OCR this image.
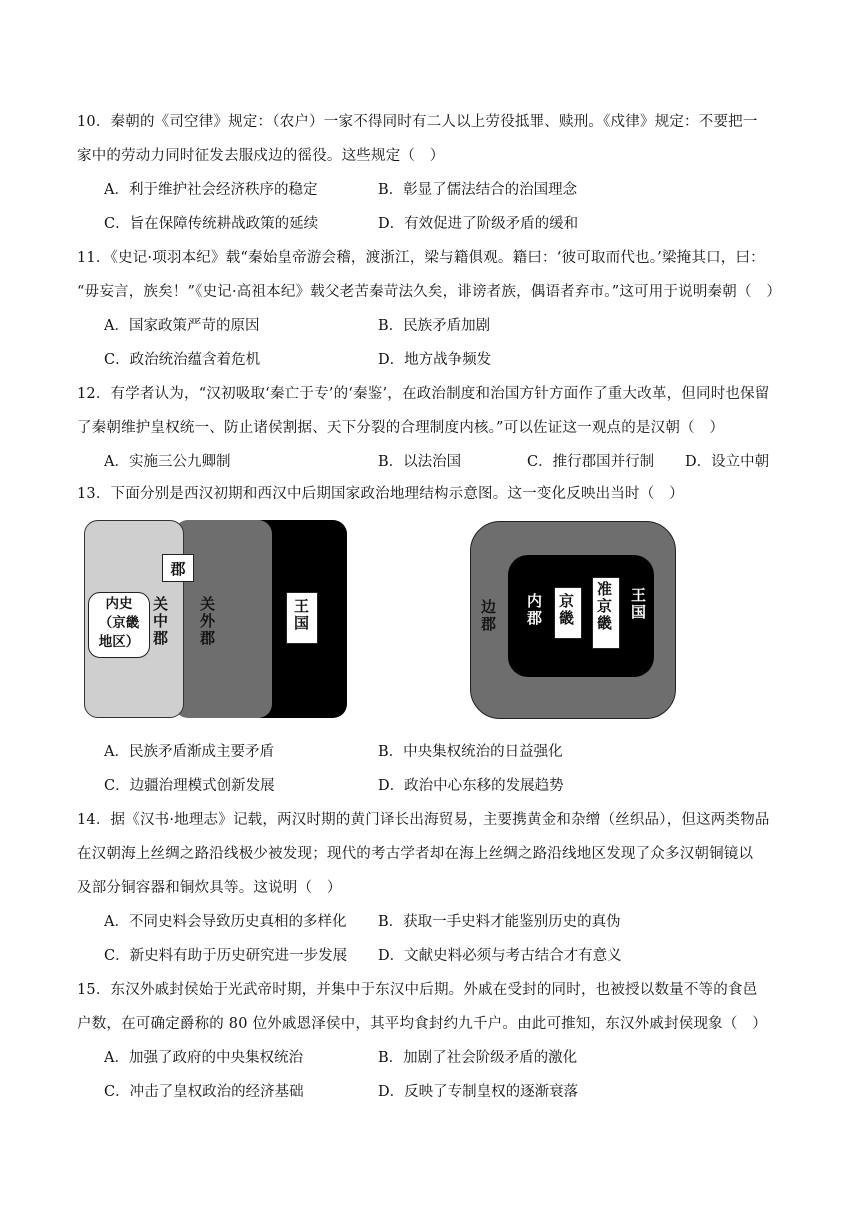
10．秦朝的《司空律》规定：（农户）一家不得同时有二人以上劳役抵罪、赎刑。《戍律》规定：不要把一
家中的劳动力同时征发去服戍边的徭役。这些规定（　）
A．利于维护社会经济秩序的稳定	B．彰显了儒法结合的治国理念
C．旨在保障传统耕战政策的延续	D．有效促进了阶级矛盾的缓和
11．《史记·项羽本纪》载“秦始皇帝游会稽，渡浙江，梁与籍俱观。籍曰：‘彼可取而代也。’梁掩其口，曰：
“毋妄言，族矣！”《史记·高祖本纪》载父老苦秦苛法久矣，诽谤者族，偶语者弃市。”这可用于说明秦朝（　）
A．国家政策严苛的原因	B．民族矛盾加剧
C．政治统治蕴含着危机	D．地方战争频发
12．有学者认为，“汉初吸取‘秦亡于专’的‘秦鉴’，在政治制度和治国方针方面作了重大改革，但同时也保留
了秦朝维护皇权统一、防止诸侯割据、天下分裂的合理制度内核。”可以佐证这一观点的是汉朝（　）
A．实施三公九卿制	B．以法治国	C．推行郡国并行制 D．设立中朝
13．下面分别是西汉初期和西汉中后期国家政治地理结构示意图。这一变化反映出当时（　）
郡
内史
（京畿
地区） 关中郡 关外郡	王国	边郡 内郡 京畿 准京畿 王国
A．民族矛盾渐成主要矛盾	B．中央集权统治的日益强化
C．边疆治理模式创新发展	D．政治中心东移的发展趋势
14．据《汉书·地理志》记载，两汉时期的黄门译长出海贸易，主要携黄金和杂缯（丝织品），但这两类物品
在汉朝海上丝绸之路沿线极少被发现；现代的考古学者却在海上丝绸之路沿线地区发现了众多汉朝铜镜以
及部分铜容器和铜炊具等。这说明（　）
A．不同史料会导致历史真相的多样化 B．获取一手史料才能鉴别历史的真伪
C．新史料有助于历史研究进一步发展 D．文献史料必须与考古结合才有意义
15．东汉外戚封侯始于光武帝时期，并集中于东汉中后期。外戚在受封的同时，也被授以数量不等的食邑
户数，在可确定爵称的 80 位外戚恩泽侯中，其平均食封约九千户。由此可推知，东汉外戚封侯现象（　）
A．加强了政府的中央集权统治	B．加剧了社会阶级矛盾的激化
C．冲击了皇权政治的经济基础	D．反映了专制皇权的逐渐衰落
